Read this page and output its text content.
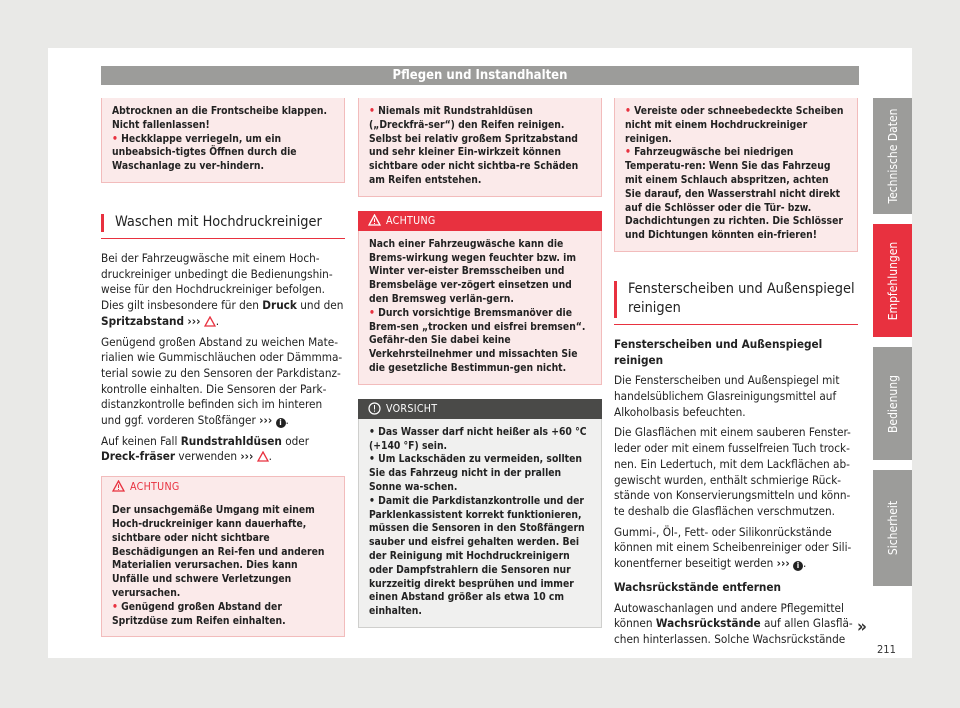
Pflegen und Instandhalten
Abtrocknen an die Frontscheibe klappen.
Nicht fallenlassen!
• Heckklappe verriegeln, um ein unbeabsich-tigtes Öffnen durch die Waschanlage zu ver-hindern.
Waschen mit Hochdruckreiniger

Bei der Fahrzeugwäsche mit einem Hoch-druckreiniger unbedingt die Bedienungshin-weise für den Hochdruckreiniger befolgen. Dies gilt insbesondere für den Druck und den Spritzabstand ››› .

Genügend großen Abstand zu weichen Mate-rialien wie Gummischläuchen oder Dämmma-terial sowie zu den Sensoren der Parkdistanz-kontrolle einhalten. Die Sensoren der Park-distanzkontrolle befinden sich im hinteren und ggf. vorderen Stoßfänger ››› i .

Auf keinen Fall Rundstrahldüsen oder Dreck-fräser verwenden ››› .

ACHTUNG
Der unsachgemäße Umgang mit einem Hoch-druckreiniger kann dauerhafte, sichtbare oder nicht sichtbare Beschädigungen an Rei-fen und anderen Materialien verursachen. Dies kann Unfälle und schwere Verletzungen verursachen.
• Genügend großen Abstand der Spritzdüse zum Reifen einhalten.
• Niemals mit Rundstrahldüsen („Dreckfrä-ser“) den Reifen reinigen. Selbst bei relativ großem Spritzabstand und sehr kleiner Ein-wirkzeit können sichtbare oder nicht sichtba-re Schäden am Reifen entstehen.
ACHTUNG
Nach einer Fahrzeugwäsche kann die Brems-wirkung wegen feuchter bzw. im Winter ver-eister Bremsscheiben und Bremsbeläge ver-zögert einsetzen und den Bremsweg verlän-gern.
• Durch vorsichtige Bremsmanöver die Brem-sen „trocken und eisfrei bremsen“. Gefähr-den Sie dabei keine Verkehrsteilnehmer und missachten Sie die gesetzliche Bestimmun-gen nicht.
VORSICHT
• Das Wasser darf nicht heißer als +60 °C (+140 °F) sein.
• Um Lackschäden zu vermeiden, sollten Sie das Fahrzeug nicht in der prallen Sonne wa-schen.
• Damit die Parkdistanzkontrolle und der Parklenkassistent korrekt funktionieren, müssen die Sensoren in den Stoßfängern sauber und eisfrei gehalten werden. Bei der Reinigung mit Hochdruckreinigern oder Dampfstrahlern die Sensoren nur kurzzeitig direkt besprühen und immer einen Abstand größer als etwa 10 cm einhalten.
• Vereiste oder schneebedeckte Scheiben nicht mit einem Hochdruckreiniger reinigen.
• Fahrzeugwäsche bei niedrigen Temperatu-ren: Wenn Sie das Fahrzeug mit einem Schlauch abspritzen, achten Sie darauf, den Wasserstrahl nicht direkt auf die Schlösser oder die Tür- bzw. Dachdichtungen zu richten. Die Schlösser und Dichtungen könnten ein-frieren!
Fensterscheiben und Außenspiegel reinigen

Fensterscheiben und Außenspiegel reinigen

Die Fensterscheiben und Außenspiegel mit handelsüblichem Glasreinigungsmittel auf Alkoholbasis befeuchten.

Die Glasflächen mit einem sauberen Fenster-leder oder mit einem fusselfreien Tuch trock-nen. Ein Ledertuch, mit dem Lackflächen ab-gewischt wurden, enthält schmierige Rück-stände von Konservierungsmitteln und könn-te deshalb die Glasflächen verschmutzen.

Gummi-, Öl-, Fett- oder Silikonrückstände können mit einem Scheibenreiniger oder Sili-konentferner beseitigt werden ››› i .

Wachsrückstände entfernen

Autowaschanlagen und andere Pflegemittel können Wachsrückstände auf allen Glasflä-chen hinterlassen. Solche Wachsrückstände

»
Technische Daten
Empfehlungen
Bedienung
Sicherheit
211
